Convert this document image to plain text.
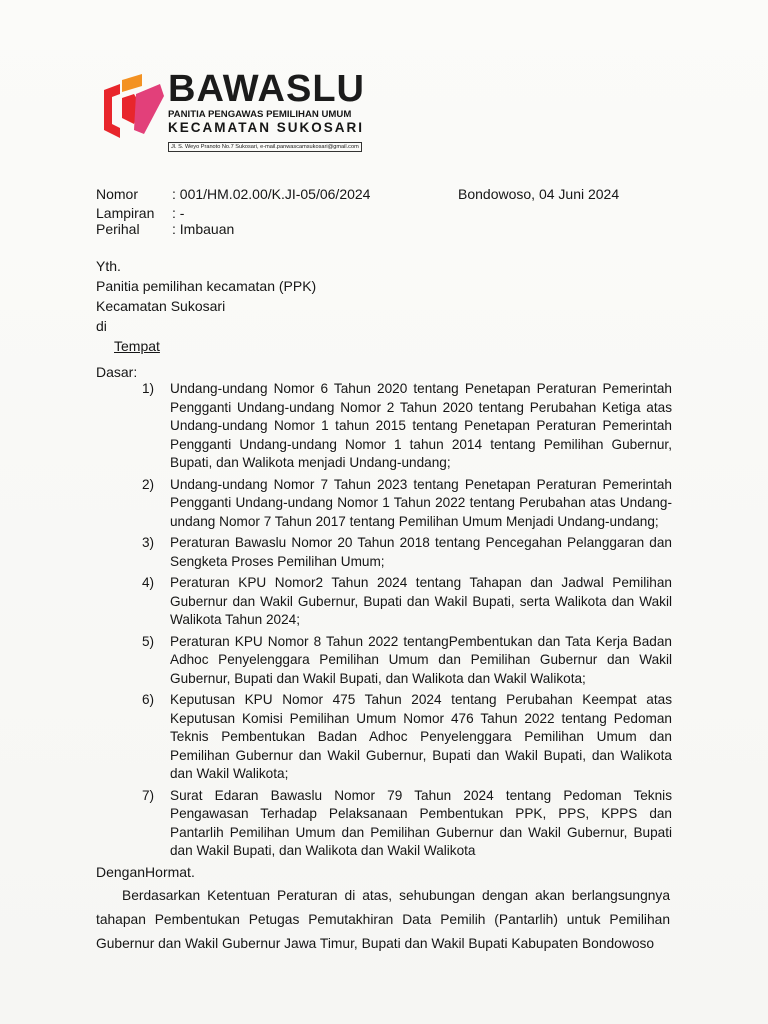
BAWASLU
PANITIA PENGAWAS PEMILIHAN UMUM
KECAMATAN SUKOSARI
Jl. S. Weyo Pranoto No.7 Sukosari, e-mail.panwascamsukosari@gmail.com
Nomor : 001/HM.02.00/K.JI-05/06/2024
Lampiran : -
Perihal : Imbauan
Bondowoso, 04 Juni 2024
Yth.
Panitia pemilihan kecamatan (PPK)
Kecamatan Sukosari
di
Tempat
Dasar:
1) Undang-undang Nomor 6 Tahun 2020 tentang Penetapan Peraturan Pemerintah Pengganti Undang-undang Nomor 2 Tahun 2020 tentang Perubahan Ketiga atas Undang-undang Nomor 1 tahun 2015 tentang Penetapan Peraturan Pemerintah Pengganti Undang-undang Nomor 1 tahun 2014 tentang Pemilihan Gubernur, Bupati, dan Walikota menjadi Undang-undang;
2) Undang-undang Nomor 7 Tahun 2023 tentang Penetapan Peraturan Pemerintah Pengganti Undang-undang Nomor 1 Tahun 2022 tentang Perubahan atas Undang-undang Nomor 7 Tahun 2017 tentang Pemilihan Umum Menjadi Undang-undang;
3) Peraturan Bawaslu Nomor 20 Tahun 2018 tentang Pencegahan Pelanggaran dan Sengketa Proses Pemilihan Umum;
4) Peraturan KPU Nomor2 Tahun 2024 tentang Tahapan dan Jadwal Pemilihan Gubernur dan Wakil Gubernur, Bupati dan Wakil Bupati, serta Walikota dan Wakil Walikota Tahun 2024;
5) Peraturan KPU Nomor 8 Tahun 2022 tentangPembentukan dan Tata Kerja Badan Adhoc Penyelenggara Pemilihan Umum dan Pemilihan Gubernur dan Wakil Gubernur, Bupati dan Wakil Bupati, dan Walikota dan Wakil Walikota;
6) Keputusan KPU Nomor 475 Tahun 2024 tentang Perubahan Keempat atas Keputusan Komisi Pemilihan Umum Nomor 476 Tahun 2022 tentang Pedoman Teknis Pembentukan Badan Adhoc Penyelenggara Pemilihan Umum dan Pemilihan Gubernur dan Wakil Gubernur, Bupati dan Wakil Bupati, dan Walikota dan Wakil Walikota;
7) Surat Edaran Bawaslu Nomor 79 Tahun 2024 tentang Pedoman Teknis Pengawasan Terhadap Pelaksanaan Pembentukan PPK, PPS, KPPS dan Pantarlih Pemilihan Umum dan Pemilihan Gubernur dan Wakil Gubernur, Bupati dan Wakil Bupati, dan Walikota dan Wakil Walikota
DenganHormat.
Berdasarkan Ketentuan Peraturan di atas, sehubungan dengan akan berlangsungnya tahapan Pembentukan Petugas Pemutakhiran Data Pemilih (Pantarlih) untuk Pemilihan Gubernur dan Wakil Gubernur Jawa Timur, Bupati dan Wakil Bupati Kabupaten Bondowoso
